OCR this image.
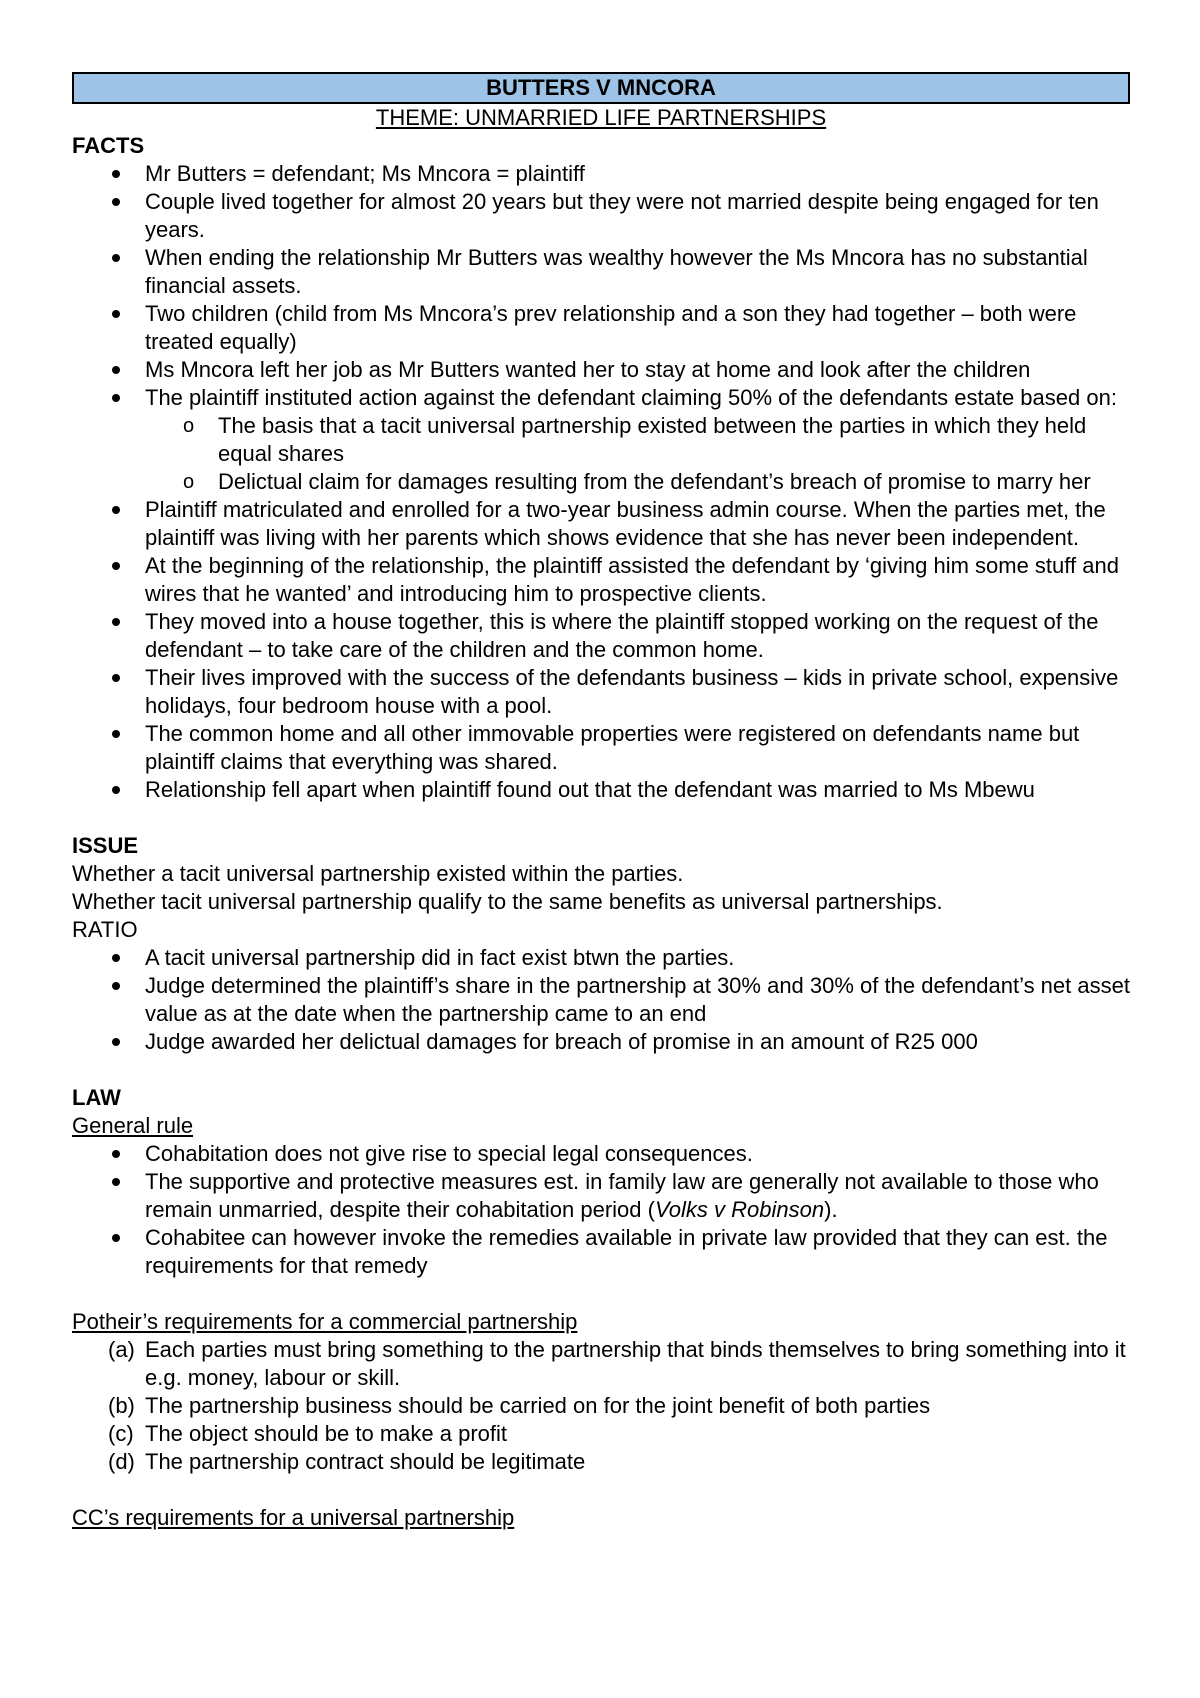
BUTTERS V MNCORA

THEME: UNMARRIED LIFE PARTNERSHIPS

FACTS

Mr Butters = defendant; Ms Mncora = plaintiff
Couple lived together for almost 20 years but they were not married despite being engaged for ten years.
When ending the relationship Mr Butters was wealthy however the Ms Mncora has no substantial financial assets.
Two children (child from Ms Mncora’s prev relationship and a son they had together – both were treated equally)
Ms Mncora left her job as Mr Butters wanted her to stay at home and look after the children
The plaintiff instituted action against the defendant claiming 50% of the defendants estate based on:
o The basis that a tacit universal partnership existed between the parties in which they held equal shares
o Delictual claim for damages resulting from the defendant’s breach of promise to marry her
Plaintiff matriculated and enrolled for a two-year business admin course. When the parties met, the plaintiff was living with her parents which shows evidence that she has never been independent.
At the beginning of the relationship, the plaintiff assisted the defendant by ‘giving him some stuff and wires that he wanted’ and introducing him to prospective clients.
They moved into a house together, this is where the plaintiff stopped working on the request of the defendant – to take care of the children and the common home.
Their lives improved with the success of the defendants business – kids in private school, expensive holidays, four bedroom house with a pool.
The common home and all other immovable properties were registered on defendants name but plaintiff claims that everything was shared.
Relationship fell apart when plaintiff found out that the defendant was married to Ms Mbewu

ISSUE

Whether a tacit universal partnership existed within the parties.

Whether tacit universal partnership qualify to the same benefits as universal partnerships.

RATIO

A tacit universal partnership did in fact exist btwn the parties.
Judge determined the plaintiff’s share in the partnership at 30% and 30% of the defendant’s net asset value as at the date when the partnership came to an end
Judge awarded her delictual damages for breach of promise in an amount of R25 000

LAW

General rule

Cohabitation does not give rise to special legal consequences.
The supportive and protective measures est. in family law are generally not available to those who remain unmarried, despite their cohabitation period (Volks v Robinson).
Cohabitee can however invoke the remedies available in private law provided that they can est. the requirements for that remedy

Potheir’s requirements for a commercial partnership

(a) Each parties must bring something to the partnership that binds themselves to bring something into it e.g. money, labour or skill.
(b) The partnership business should be carried on for the joint benefit of both parties
(c) The object should be to make a profit
(d) The partnership contract should be legitimate

CC’s requirements for a universal partnership
